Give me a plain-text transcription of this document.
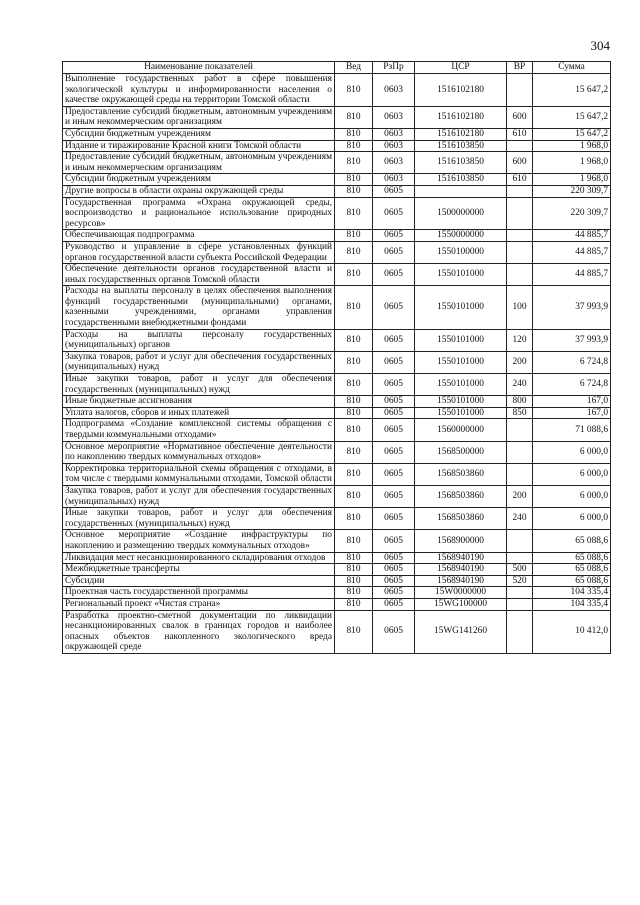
304
Наименование показателей	Вед	РзПр	ЦСР	ВР	Сумма
Выполнение государственных работ в сфере повышения экологической культуры и информированности населения о качестве окружающей среды на территории Томской области	810	0603	1516102180		15 647,2
Предоставление субсидий бюджетным, автономным учреждениям и иным некоммерческим организациям	810	0603	1516102180	600	15 647,2
Субсидии бюджетным учреждениям	810	0603	1516102180	610	15 647,2
Издание и тиражирование Красной книги Томской области	810	0603	1516103850		1 968,0
Предоставление субсидий бюджетным, автономным учреждениям и иным некоммерческим организациям	810	0603	1516103850	600	1 968,0
Субсидии бюджетным учреждениям	810	0603	1516103850	610	1 968,0
Другие вопросы в области охраны окружающей среды	810	0605			220 309,7
Государственная программа «Охрана окружающей среды, воспроизводство и рациональное использование природных ресурсов»	810	0605	1500000000		220 309,7
Обеспечивающая подпрограмма	810	0605	1550000000		44 885,7
Руководство и управление в сфере установленных функций органов государственной власти субъекта Российской Федерации	810	0605	1550100000		44 885,7
Обеспечение деятельности органов государственной власти и иных государственных органов Томской области	810	0605	1550101000		44 885,7
Расходы на выплаты персоналу в целях обеспечения выполнения функций государственными (муниципальными) органами, казенными учреждениями, органами управления государственными внебюджетными фондами	810	0605	1550101000	100	37 993,9
Расходы на выплаты персоналу государственных (муниципальных) органов	810	0605	1550101000	120	37 993,9
Закупка товаров, работ и услуг для обеспечения государственных (муниципальных) нужд	810	0605	1550101000	200	6 724,8
Иные закупки товаров, работ и услуг для обеспечения государственных (муниципальных) нужд	810	0605	1550101000	240	6 724,8
Иные бюджетные ассигнования	810	0605	1550101000	800	167,0
Уплата налогов, сборов и иных платежей	810	0605	1550101000	850	167,0
Подпрограмма «Создание комплексной системы обращения с твердыми коммунальными отходами»	810	0605	1560000000		71 088,6
Основное мероприятие «Нормативное обеспечение деятельности по накоплению твердых коммунальных отходов»	810	0605	1568500000		6 000,0
Корректировка территориальной схемы обращения с отходами, в том числе с твердыми коммунальными отходами, Томской области	810	0605	1568503860		6 000,0
Закупка товаров, работ и услуг для обеспечения государственных (муниципальных) нужд	810	0605	1568503860	200	6 000,0
Иные закупки товаров, работ и услуг для обеспечения государственных (муниципальных) нужд	810	0605	1568503860	240	6 000,0
Основное мероприятие «Создание инфраструктуры по накоплению и размещению твердых коммунальных отходов»	810	0605	1568900000		65 088,6
Ликвидация мест несанкционированного складирования отходов	810	0605	1568940190		65 088,6
Межбюджетные трансферты	810	0605	1568940190	500	65 088,6
Субсидии	810	0605	1568940190	520	65 088,6
Проектная часть государственной программы	810	0605	15W0000000		104 335,4
Региональный проект «Чистая страна»	810	0605	15WG100000		104 335,4
Разработка проектно-сметной документации по ликвидации несанкционированных свалок в границах городов и наиболее опасных объектов накопленного экологического вреда окружающей среде	810	0605	15WG141260		10 412,0
